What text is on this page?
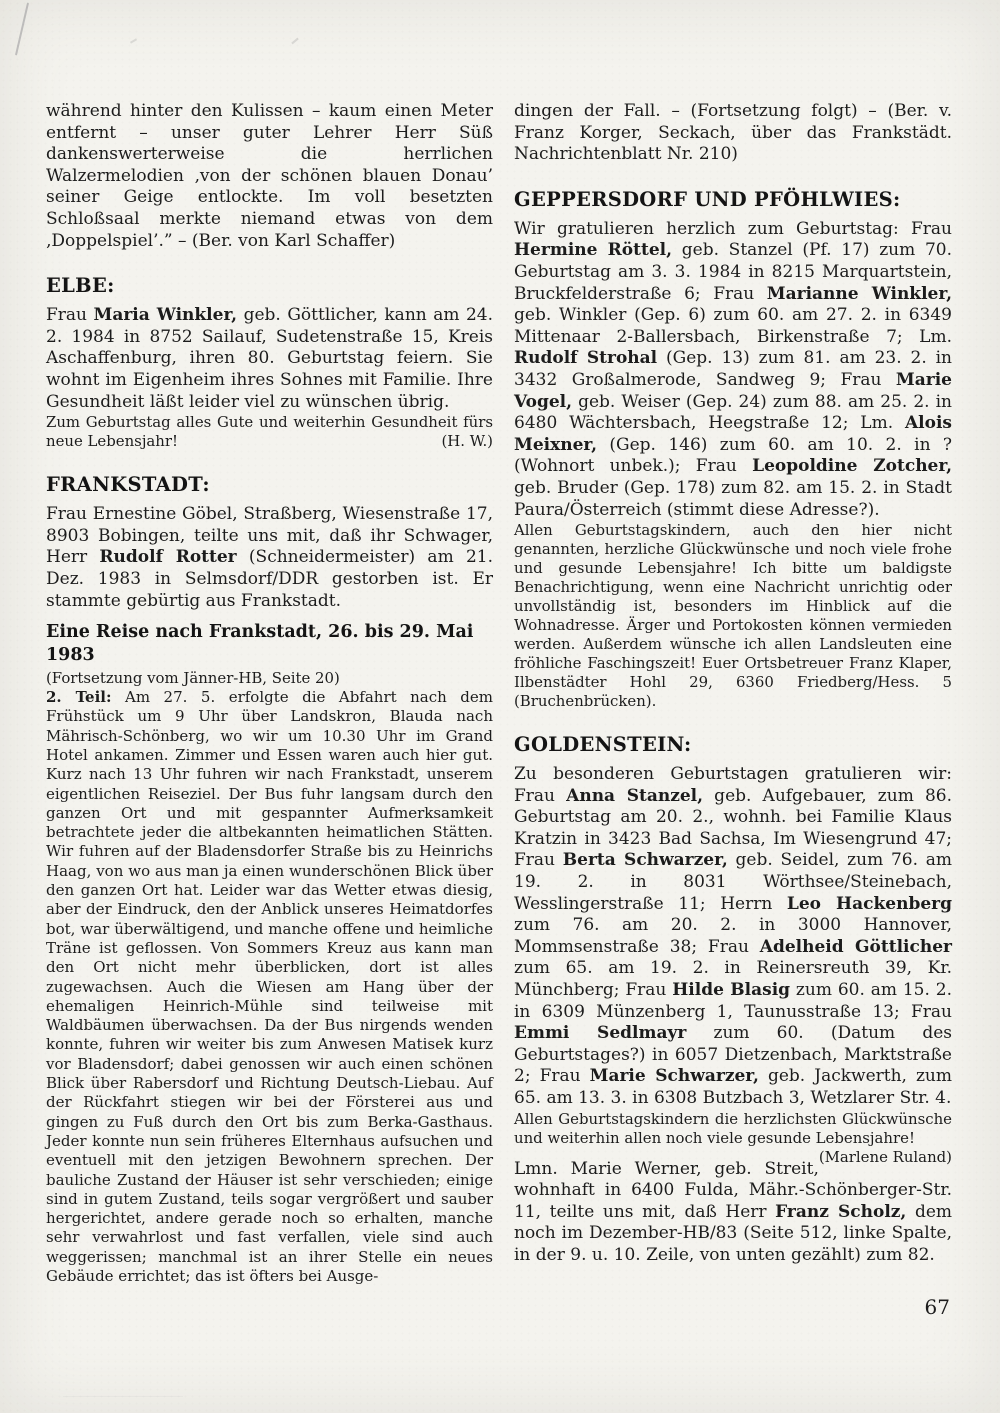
während hinter den Kulissen – kaum einen Meter entfernt – unser guter Lehrer Herr Süß dankenswerterweise die herrlichen Walzermelodien ‚von der schönen blauen Donau’ seiner Geige entlockte. Im voll besetzten Schloßsaal merkte niemand etwas von dem ‚Doppelspiel’.” – (Ber. von Karl Schaffer)

ELBE:

Frau Maria Winkler, geb. Göttlicher, kann am 24. 2. 1984 in 8752 Sailauf, Sudetenstraße 15, Kreis Aschaffenburg, ihren 80. Geburtstag feiern. Sie wohnt im Eigenheim ihres Sohnes mit Familie. Ihre Gesundheit läßt leider viel zu wünschen übrig.

Zum Geburtstag alles Gute und weiterhin Gesundheit fürs neue Lebensjahr!	(H. W.)

FRANKSTADT:

Frau Ernestine Göbel, Straßberg, Wiesenstraße 17, 8903 Bobingen, teilte uns mit, daß ihr Schwager, Herr Rudolf Rotter (Schneidermeister) am 21. Dez. 1983 in Selmsdorf/DDR gestorben ist. Er stammte gebürtig aus Frankstadt.

Eine Reise nach Frankstadt, 26. bis 29. Mai 1983

(Fortsetzung vom Jänner-HB, Seite 20)

2. Teil: Am 27. 5. erfolgte die Abfahrt nach dem Frühstück um 9 Uhr über Landskron, Blauda nach Mährisch-Schönberg, wo wir um 10.30 Uhr im Grand Hotel ankamen. Zimmer und Essen waren auch hier gut. Kurz nach 13 Uhr fuhren wir nach Frankstadt, unserem eigentlichen Reiseziel. Der Bus fuhr langsam durch den ganzen Ort und mit gespannter Aufmerksamkeit betrachtete jeder die altbekannten heimatlichen Stätten. Wir fuhren auf der Bladensdorfer Straße bis zu Heinrichs Haag, von wo aus man ja einen wunderschönen Blick über den ganzen Ort hat. Leider war das Wetter etwas diesig, aber der Eindruck, den der Anblick unseres Heimatdorfes bot, war überwältigend, und manche offene und heimliche Träne ist geflossen. Von Sommers Kreuz aus kann man den Ort nicht mehr überblicken, dort ist alles zugewachsen. Auch die Wiesen am Hang über der ehemaligen Heinrich-Mühle sind teilweise mit Waldbäumen überwachsen. Da der Bus nirgends wenden konnte, fuhren wir weiter bis zum Anwesen Matisek kurz vor Bladensdorf; dabei genossen wir auch einen schönen Blick über Rabersdorf und Richtung Deutsch-Liebau. Auf der Rückfahrt stiegen wir bei der Försterei aus und gingen zu Fuß durch den Ort bis zum Berka-Gasthaus. Jeder konnte nun sein früheres Elternhaus aufsuchen und eventuell mit den jetzigen Bewohnern sprechen. Der bauliche Zustand der Häuser ist sehr verschieden; einige sind in gutem Zustand, teils sogar vergrößert und sauber hergerichtet, andere gerade noch so erhalten, manche sehr verwahrlost und fast verfallen, viele sind auch weggerissen; manchmal ist an ihrer Stelle ein neues Gebäude errichtet; das ist öfters bei Ausge-

dingen der Fall. – (Fortsetzung folgt) – (Ber. v. Franz Korger, Seckach, über das Frankstädt. Nachrichtenblatt Nr. 210)

GEPPERSDORF UND PFÖHLWIES:

Wir gratulieren herzlich zum Geburtstag: Frau Hermine Röttel, geb. Stanzel (Pf. 17) zum 70. Geburtstag am 3. 3. 1984 in 8215 Marquartstein, Bruckfelderstraße 6; Frau Marianne Winkler, geb. Winkler (Gep. 6) zum 60. am 27. 2. in 6349 Mittenaar 2-Ballersbach, Birkenstraße 7; Lm. Rudolf Strohal (Gep. 13) zum 81. am 23. 2. in 3432 Großalmerode, Sandweg 9; Frau Marie Vogel, geb. Weiser (Gep. 24) zum 88. am 25. 2. in 6480 Wächtersbach, Heegstraße 12; Lm. Alois Meixner, (Gep. 146) zum 60. am 10. 2. in ? (Wohnort unbek.); Frau Leopoldine Zotcher, geb. Bruder (Gep. 178) zum 82. am 15. 2. in Stadt Paura/Österreich (stimmt diese Adresse?).

Allen Geburtstagskindern, auch den hier nicht genannten, herzliche Glückwünsche und noch viele frohe und gesunde Lebensjahre! Ich bitte um baldigste Benachrichtigung, wenn eine Nachricht unrichtig oder unvollständig ist, besonders im Hinblick auf die Wohnadresse. Ärger und Portokosten können vermieden werden. Außerdem wünsche ich allen Landsleuten eine fröhliche Faschingszeit! Euer Ortsbetreuer Franz Klaper, Ilbenstädter Hohl 29, 6360 Friedberg/Hess. 5 (Bruchenbrücken).

GOLDENSTEIN:

Zu besonderen Geburtstagen gratulieren wir: Frau Anna Stanzel, geb. Aufgebauer, zum 86. Geburtstag am 20. 2., wohnh. bei Familie Klaus Kratzin in 3423 Bad Sachsa, Im Wiesengrund 47; Frau Berta Schwarzer, geb. Seidel, zum 76. am 19. 2. in 8031 Wörthsee/Steinebach, Wesslingerstraße 11; Herrn Leo Hackenberg zum 76. am 20. 2. in 3000 Hannover, Mommsenstraße 38; Frau Adelheid Göttlicher zum 65. am 19. 2. in Reinersreuth 39, Kr. Münchberg; Frau Hilde Blasig zum 60. am 15. 2. in 6309 Münzenberg 1, Taunusstraße 13; Frau Emmi Sedlmayr zum 60. (Datum des Geburtstages?) in 6057 Dietzenbach, Marktstraße 2; Frau Marie Schwarzer, geb. Jackwerth, zum 65. am 13. 3. in 6308 Butzbach 3, Wetzlarer Str. 4.

Allen Geburtstagskindern die herzlichsten Glückwünsche und weiterhin allen noch viele gesunde Lebensjahre!
(Marlene Ruland)

Lmn. Marie Werner, geb. Streit, wohnhaft in 6400 Fulda, Mähr.-Schönberger-Str. 11, teilte uns mit, daß Herr Franz Scholz, dem noch im Dezember-HB/83 (Seite 512, linke Spalte, in der 9. u. 10. Zeile, von unten gezählt) zum 82.

67
